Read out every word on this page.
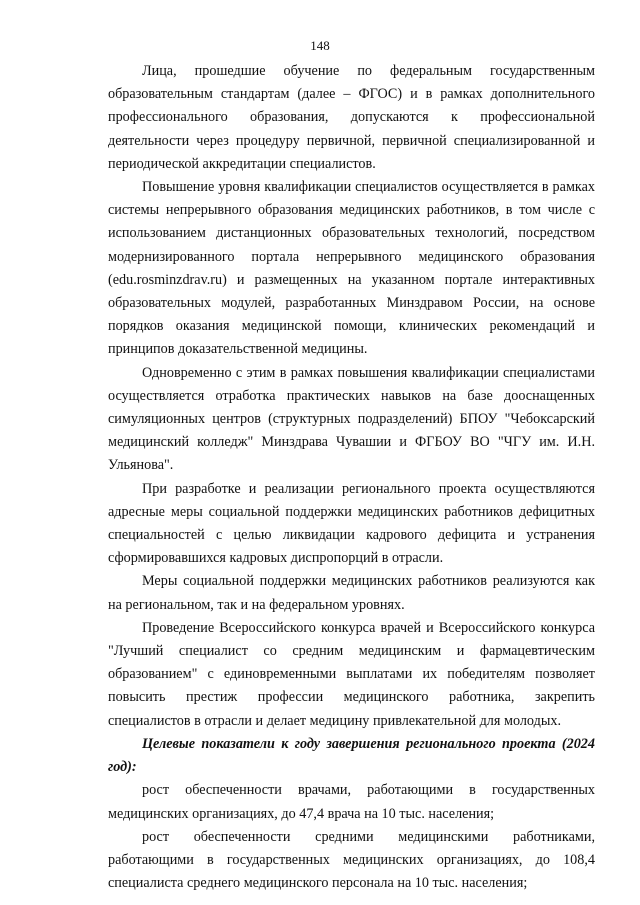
148

Лица, прошедшие обучение по федеральным государственным образовательным стандартам (далее – ФГОС) и в рамках дополнительного профессионального образования, допускаются к профессиональной деятельности через процедуру первичной, первичной специализированной и периодической аккредитации специалистов.

Повышение уровня квалификации специалистов осуществляется в рамках системы непрерывного образования медицинских работников, в том числе с использованием дистанционных образовательных технологий, посредством модернизированного портала непрерывного медицинского образования (edu.rosminzdrav.ru) и размещенных на указанном портале интерактивных образовательных модулей, разработанных Минздравом России, на основе порядков оказания медицинской помощи, клинических рекомендаций и принципов доказательственной медицины.

Одновременно с этим в рамках повышения квалификации специалистами осуществляется отработка практических навыков на базе дооснащенных симуляционных центров (структурных подразделений) БПОУ "Чебоксарский медицинский колледж" Минздрава Чувашии и ФГБОУ ВО "ЧГУ им. И.Н. Ульянова".

При разработке и реализации регионального проекта осуществляются адресные меры социальной поддержки медицинских работников дефицитных специальностей с целью ликвидации кадрового дефицита и устранения сформировавшихся кадровых диспропорций в отрасли.

Меры социальной поддержки медицинских работников реализуются как на региональном, так и на федеральном уровнях.

Проведение Всероссийского конкурса врачей и Всероссийского конкурса "Лучший специалист со средним медицинским и фармацевтическим образованием" с единовременными выплатами их победителям позволяет повысить престиж профессии медицинского работника, закрепить специалистов в отрасли и делает медицину привлекательной для молодых.

Целевые показатели к году завершения регионального проекта (2024 год):

рост обеспеченности врачами, работающими в государственных медицинских организациях, до 47,4 врача на 10 тыс. населения;

рост обеспеченности средними медицинскими работниками, работающими в государственных медицинских организациях, до 108,4 специалиста среднего медицинского персонала на 10 тыс. населения;
